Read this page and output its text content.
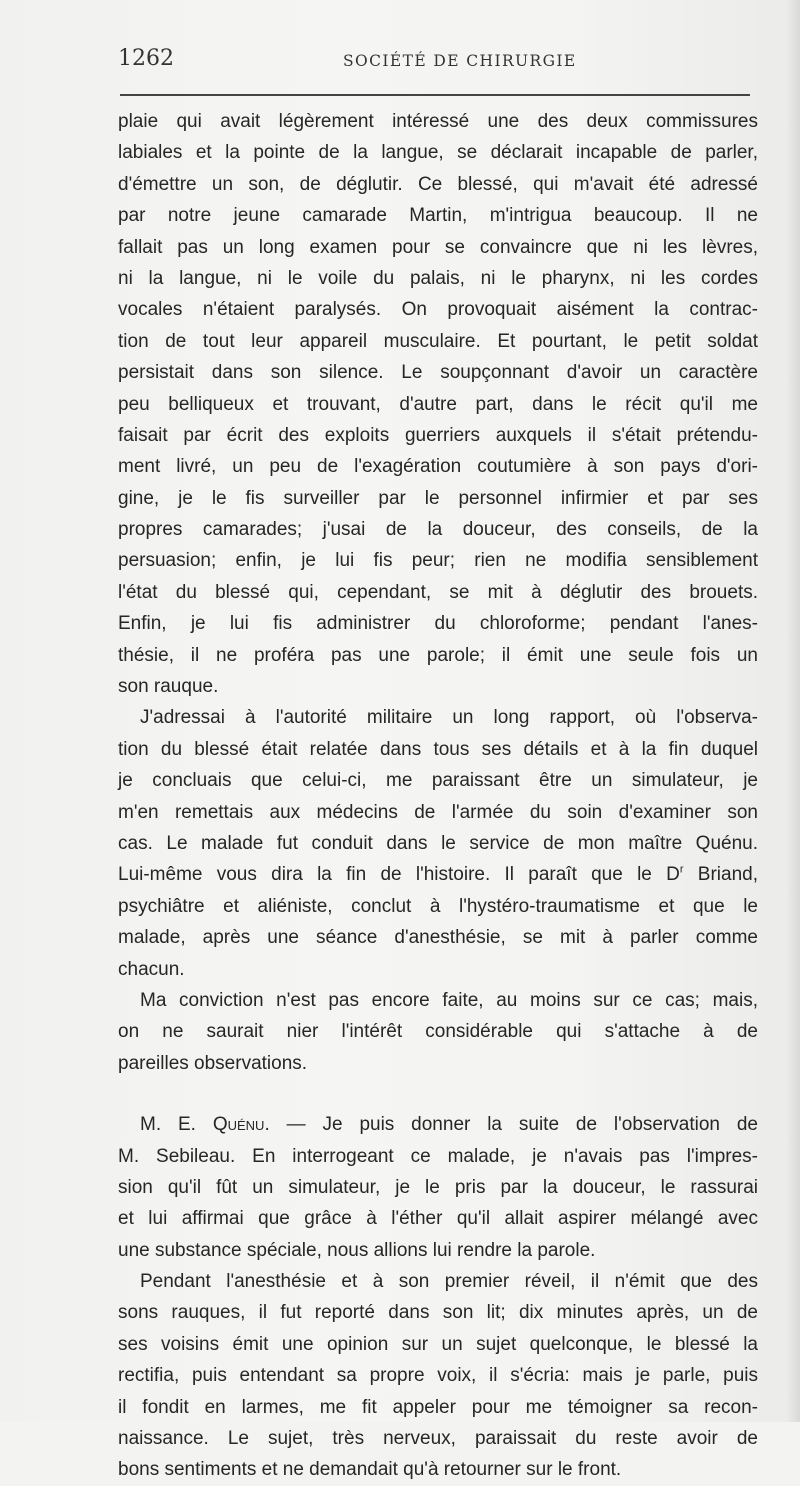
1262	SOCIÉTÉ DE CHIRURGIE
plaie qui avait légèrement intéressé une des deux commissures
labiales et la pointe de la langue, se déclarait incapable de parler,
d'émettre un son, de déglutir. Ce blessé, qui m'avait été adressé
par notre jeune camarade Martin, m'intrigua beaucoup. Il ne
fallait pas un long examen pour se convaincre que ni les lèvres,
ni la langue, ni le voile du palais, ni le pharynx, ni les cordes
vocales n'étaient paralysés. On provoquait aisément la contrac-
tion de tout leur appareil musculaire. Et pourtant, le petit soldat
persistait dans son silence. Le soupçonnant d'avoir un caractère
peu belliqueux et trouvant, d'autre part, dans le récit qu'il me
faisait par écrit des exploits guerriers auxquels il s'était prétendu-
ment livré, un peu de l'exagération coutumière à son pays d'ori-
gine, je le fis surveiller par le personnel infirmier et par ses
propres camarades; j'usai de la douceur, des conseils, de la
persuasion; enfin, je lui fis peur; rien ne modifia sensiblement
l'état du blessé qui, cependant, se mit à déglutir des brouets.
Enfin, je lui fis administrer du chloroforme; pendant l'anes-
thésie, il ne proféra pas une parole; il émit une seule fois un
son rauque.
J'adressai à l'autorité militaire un long rapport, où l'observa-
tion du blessé était relatée dans tous ses détails et à la fin duquel
je concluais que celui-ci, me paraissant être un simulateur, je
m'en remettais aux médecins de l'armée du soin d'examiner son
cas. Le malade fut conduit dans le service de mon maître Quénu.
Lui-même vous dira la fin de l'histoire. Il paraît que le $D^r$ Briand,
psychiâtre et aliéniste, conclut à l'hystéro-traumatisme et que le
malade, après une séance d'anesthésie, se mit à parler comme
chacun.
Ma conviction n'est pas encore faite, au moins sur ce cas; mais,
on ne saurait nier l'intérêt considérable qui s'attache à de
pareilles observations.
M. E. Quénu. — Je puis donner la suite de l'observation de
M. Sebileau. En interrogeant ce malade, je n'avais pas l'impres-
sion qu'il fût un simulateur, je le pris par la douceur, le rassurai
et lui affirmai que grâce à l'éther qu'il allait aspirer mélangé avec
une substance spéciale, nous allions lui rendre la parole.
Pendant l'anesthésie et à son premier réveil, il n'émit que des
sons rauques, il fut reporté dans son lit; dix minutes après, un de
ses voisins émit une opinion sur un sujet quelconque, le blessé la
rectifia, puis entendant sa propre voix, il s'écria: mais je parle, puis
il fondit en larmes, me fit appeler pour me témoigner sa recon-
naissance. Le sujet, très nerveux, paraissait du reste avoir de
bons sentiments et ne demandait qu'à retourner sur le front.
